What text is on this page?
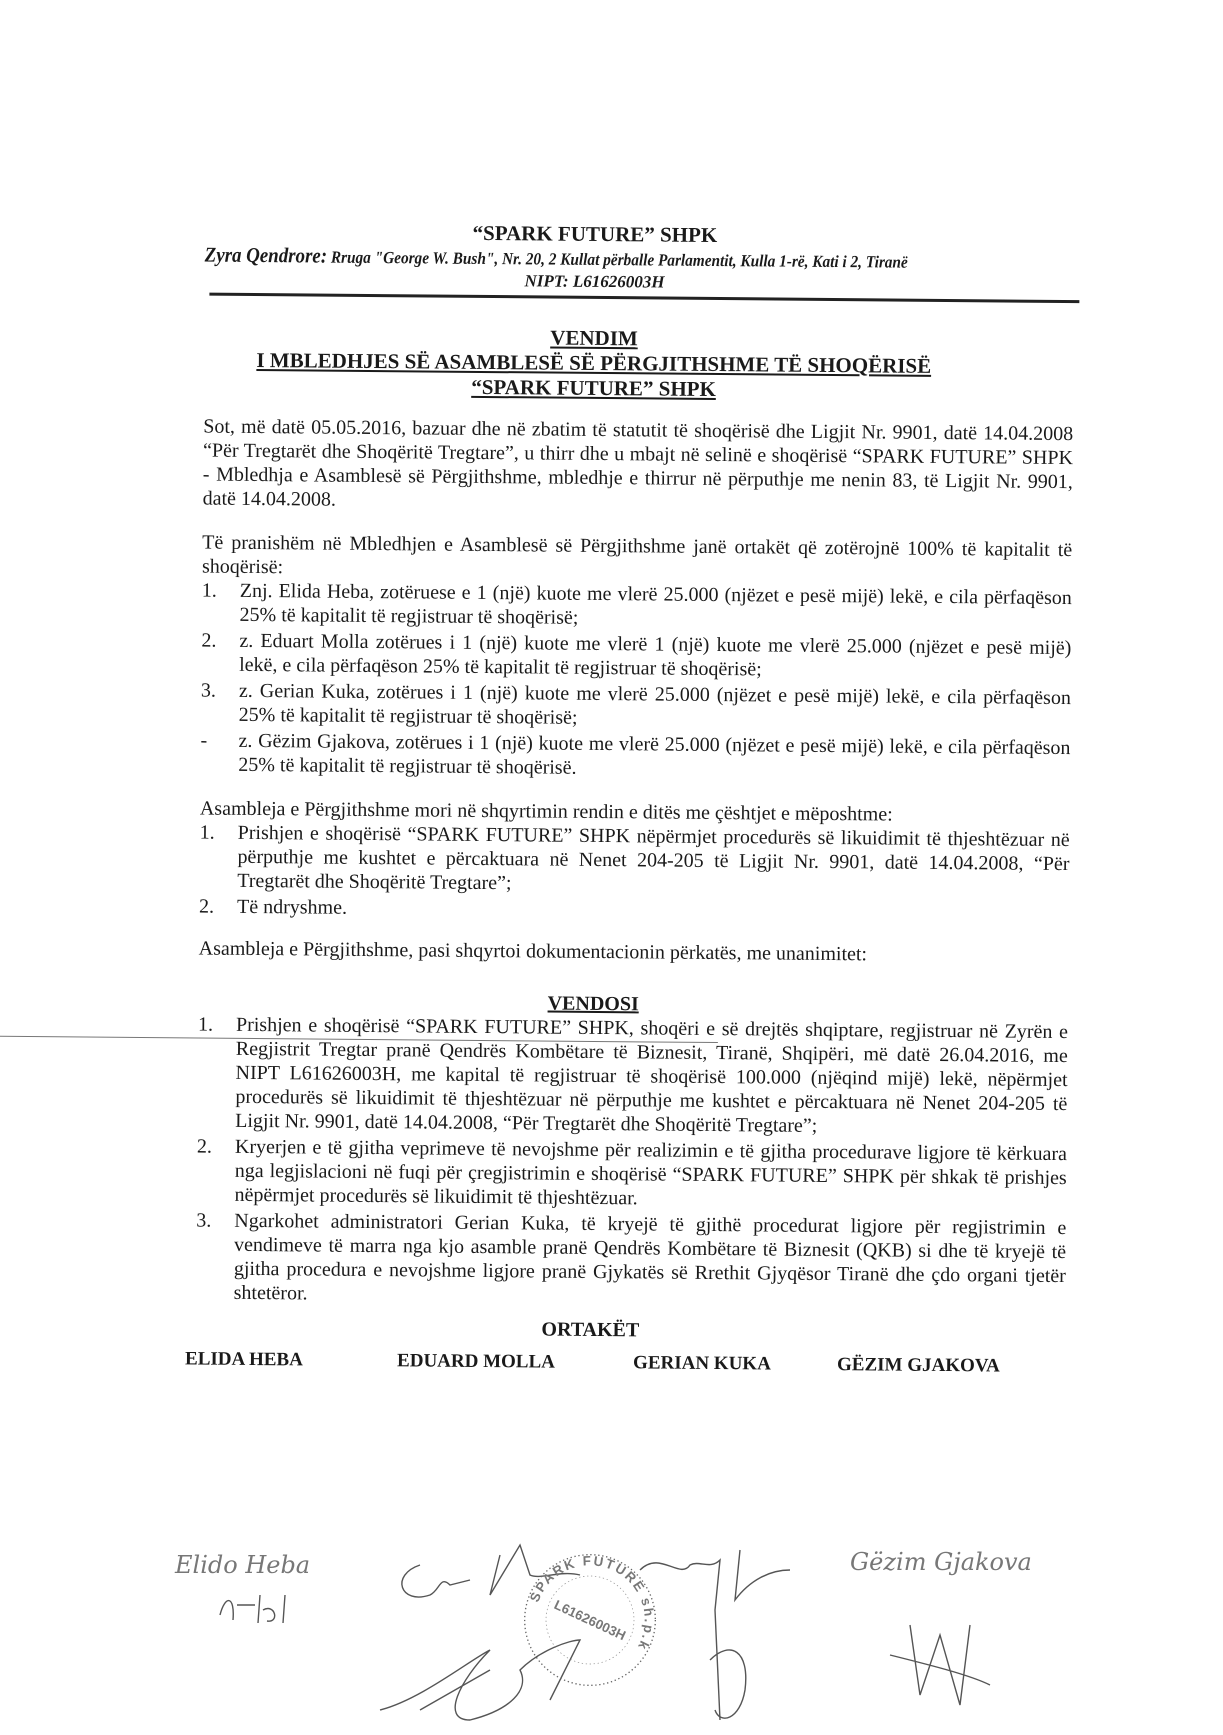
“SPARK FUTURE” SHPK
Zyra Qendrore: Rruga "George W. Bush", Nr. 20, 2 Kullat përballe Parlamentit, Kulla 1-rë, Kati i 2, Tiranë
NIPT: L61626003H
VENDIM
I MBLEDHJES SË ASAMBLESË SË PËRGJITHSHME TË SHOQËRISË
“SPARK FUTURE” SHPK

Sot, më datë 05.05.2016, bazuar dhe në zbatim të statutit të shoqërisë dhe Ligjit Nr. 9901, datë 14.04.2008 “Për Tregtarët dhe Shoqëritë Tregtare”, u thirr dhe u mbajt në selinë e shoqërisë “SPARK FUTURE” SHPK - Mbledhja e Asamblesë së Përgjithshme, mbledhje e thirrur në përputhje me nenin 83, të Ligjit Nr. 9901, datë 14.04.2008.

Të pranishëm në Mbledhjen e Asamblesë së Përgjithshme janë ortakët që zotërojnë 100% të kapitalit të shoqërisë:

1.	Znj. Elida Heba, zotëruese e 1 (një) kuote me vlerë 25.000 (njëzet e pesë mijë) lekë, e cila përfaqëson 25% të kapitalit të regjistruar të shoqërisë;
2.	z. Eduart Molla zotërues i 1 (një) kuote me vlerë 1 (një) kuote me vlerë 25.000 (njëzet e pesë mijë) lekë, e cila përfaqëson 25% të kapitalit të regjistruar të shoqërisë;
3.	z. Gerian Kuka, zotërues i 1 (një) kuote me vlerë 25.000 (njëzet e pesë mijë) lekë, e cila përfaqëson 25% të kapitalit të regjistruar të shoqërisë;
-	z. Gëzim Gjakova, zotërues i 1 (një) kuote me vlerë 25.000 (njëzet e pesë mijë) lekë, e cila përfaqëson 25% të kapitalit të regjistruar të shoqërisë.

Asambleja e Përgjithshme mori në shqyrtimin rendin e ditës me çështjet e mëposhtme:

1.	Prishjen e shoqërisë “SPARK FUTURE” SHPK nëpërmjet procedurës së likuidimit të thjeshtëzuar në përputhje me kushtet e përcaktuara në Nenet 204-205 të Ligjit Nr. 9901, datë 14.04.2008, “Për Tregtarët dhe Shoqëritë Tregtare”;
2.	Të ndryshme.

Asambleja e Përgjithshme, pasi shqyrtoi dokumentacionin përkatës, me unanimitet:

VENDOSI
1.	Prishjen e shoqërisë “SPARK FUTURE” SHPK, shoqëri e së drejtës shqiptare, regjistruar në Zyrën e Regjistrit Tregtar pranë Qendrës Kombëtare të Biznesit, Tiranë, Shqipëri, më datë 26.04.2016, me NIPT L61626003H, me kapital të regjistruar të shoqërisë 100.000 (njëqind mijë) lekë, nëpërmjet procedurës së likuidimit të thjeshtëzuar në përputhje me kushtet e përcaktuara në Nenet 204-205 të Ligjit Nr. 9901, datë 14.04.2008, “Për Tregtarët dhe Shoqëritë Tregtare”;
2.	Kryerjen e të gjitha veprimeve të nevojshme për realizimin e të gjitha procedurave ligjore të kërkuara nga legjislacioni në fuqi për çregjistrimin e shoqërisë “SPARK FUTURE” SHPK për shkak të prishjes nëpërmjet procedurës së likuidimit të thjeshtëzuar.
3.	Ngarkohet administratori Gerian Kuka, të kryejë të gjithë procedurat ligjore për regjistrimin e vendimeve të marra nga kjo asamble pranë Qendrës Kombëtare të Biznesit (QKB) si dhe të kryejë të gjitha procedura e nevojshme ligjore pranë Gjykatës së Rrethit Gjyqësor Tiranë dhe çdo organi tjetër shtetëror.
ORTAKËT
ELIDA HEBA	EDUARD MOLLA	GERIAN KUKA	GËZIM GJAKOVA
Elido Heba	Gëzim Gjakova
SPARK FUTURE sh.p.k
L61626003H
